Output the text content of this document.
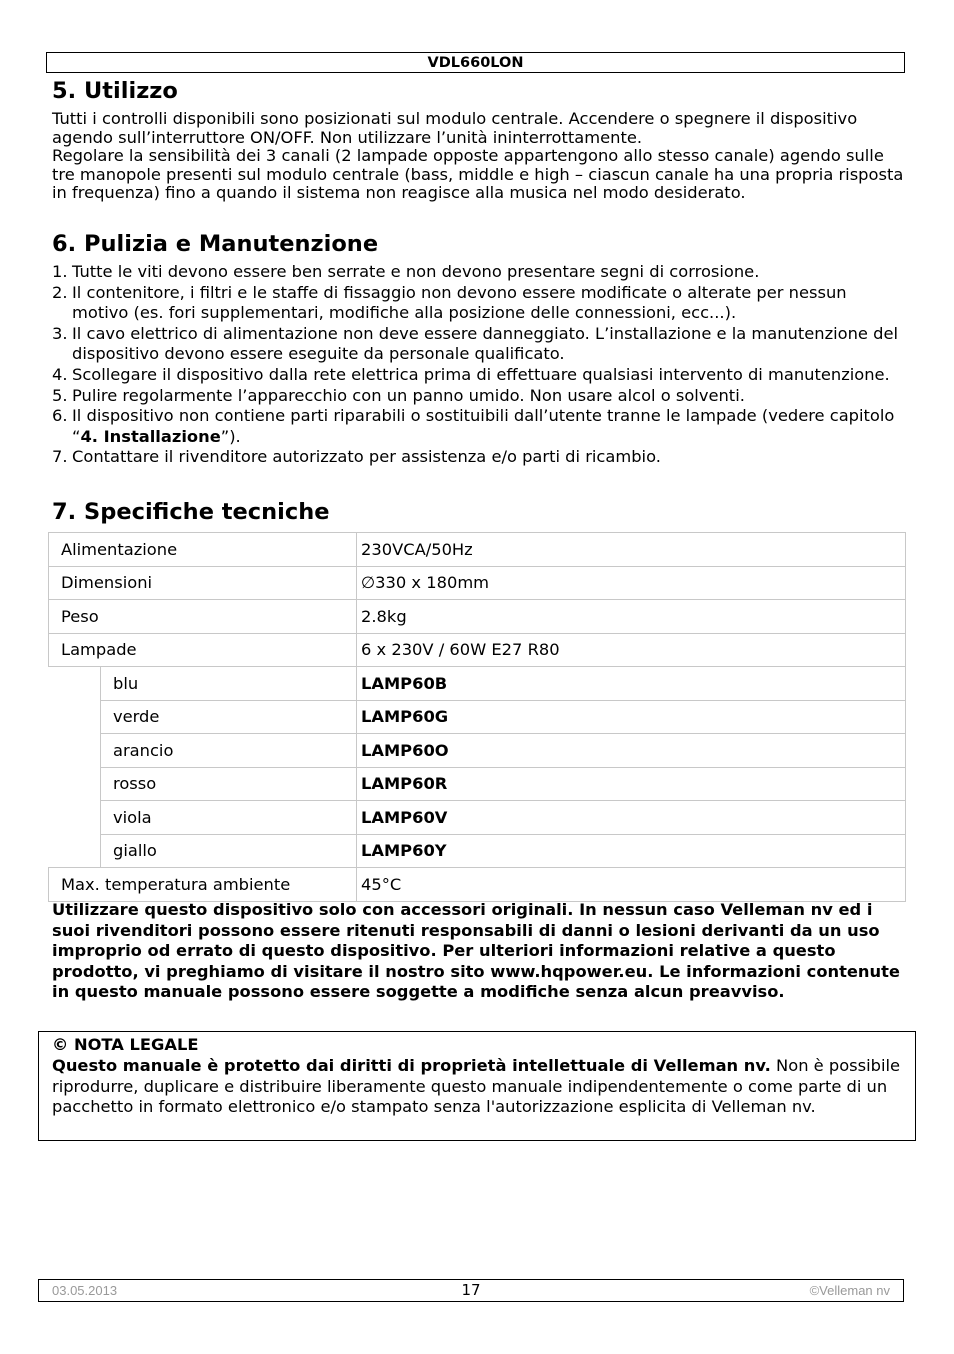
VDL660LON
5. Utilizzo

Tutti i controlli disponibili sono posizionati sul modulo centrale. Accendere o spegnere il dispositivo agendo sull’interruttore ON/OFF. Non utilizzare l’unità ininterrottamente.

Regolare la sensibilità dei 3 canali (2 lampade opposte appartengono allo stesso canale) agendo sulle tre manopole presenti sul modulo centrale (bass, middle e high – ciascun canale ha una propria risposta in frequenza) fino a quando il sistema non reagisce alla musica nel modo desiderato.

6. Pulizia e Manutenzione
1. Tutte le viti devono essere ben serrate e non devono presentare segni di corrosione.
2. Il contenitore, i filtri e le staffe di fissaggio non devono essere modificate o alterate per nessun motivo (es. fori supplementari, modifiche alla posizione delle connessioni, ecc...).
3. Il cavo elettrico di alimentazione non deve essere danneggiato. L’installazione e la manutenzione del dispositivo devono essere eseguite da personale qualificato.
4. Scollegare il dispositivo dalla rete elettrica prima di effettuare qualsiasi intervento di manutenzione.
5. Pulire regolarmente l’apparecchio con un panno umido. Non usare alcol o solventi.
6. Il dispositivo non contiene parti riparabili o sostituibili dall’utente tranne le lampade (vedere capitolo “4. Installazione”).
7. Contattare il rivenditore autorizzato per assistenza e/o parti di ricambio.
7. Specifiche tecniche
Alimentazione		230VCA/50Hz
Dimensioni		∅330 x 180mm
Peso		2.8kg
Lampade		6 x 230V / 60W E27 R80
	blu	LAMP60B
	verde	LAMP60G
	arancio	LAMP60O
	rosso	LAMP60R
	viola	LAMP60V
	giallo	LAMP60Y
Max. temperatura ambiente		45°C
Utilizzare questo dispositivo solo con accessori originali. In nessun caso Velleman nv ed i suoi rivenditori possono essere ritenuti responsabili di danni o lesioni derivanti da un uso improprio od errato di questo dispositivo. Per ulteriori informazioni relative a questo prodotto, vi preghiamo di visitare il nostro sito www.hqpower.eu. Le informazioni contenute in questo manuale possono essere soggette a modifiche senza alcun preavviso.
© NOTA LEGALE
Questo manuale è protetto dai diritti di proprietà intellettuale di Velleman nv. Non è possibile riprodurre, duplicare e distribuire liberamente questo manuale indipendentemente o come parte di un pacchetto in formato elettronico e/o stampato senza l'autorizzazione esplicita di Velleman nv.
03.05.2013	17	©Velleman nv
